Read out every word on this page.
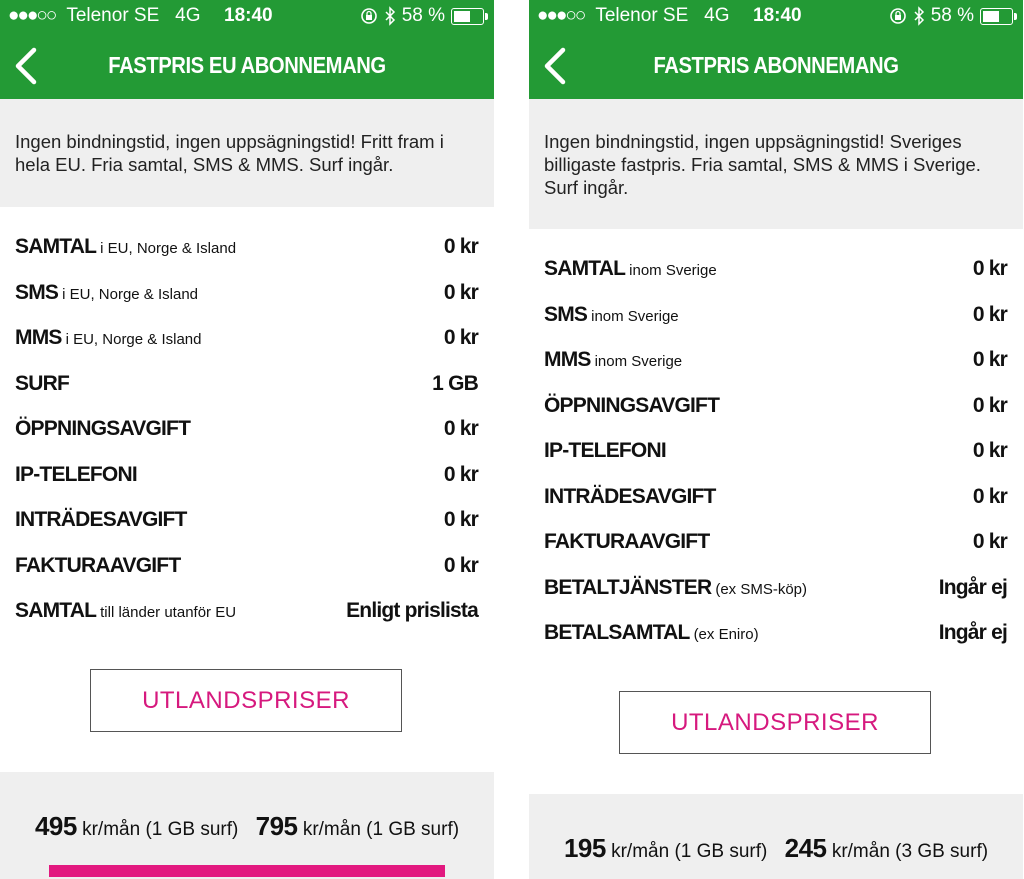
●●●○○ Telenor SE 4G 18:40	58 %
FASTPRIS EU ABONNEMANG

Ingen bindningstid, ingen uppsägningstid! Fritt fram i hela EU. Fria samtal, SMS & MMS. Surf ingår.

SAMTAL i EU, Norge & Island	0 kr
SMS i EU, Norge & Island	0 kr
MMS i EU, Norge & Island	0 kr
SURF	1 GB
ÖPPNINGSAVGIFT	0 kr
IP-TELEFONI	0 kr
INTRÄDESAVGIFT	0 kr
FAKTURAAVGIFT	0 kr
SAMTAL till länder utanför EU	Enligt prislista
UTLANDSPRISER
495 kr/mån (1 GB surf) 795 kr/mån (1 GB surf)
●●●○○ Telenor SE 4G 18:40	58 %
FASTPRIS ABONNEMANG

Ingen bindningstid, ingen uppsägningstid! Sveriges billigaste fastpris. Fria samtal, SMS & MMS i Sverige. Surf ingår.

SAMTAL inom Sverige	0 kr
SMS inom Sverige	0 kr
MMS inom Sverige	0 kr
ÖPPNINGSAVGIFT	0 kr
IP-TELEFONI	0 kr
INTRÄDESAVGIFT	0 kr
FAKTURAAVGIFT	0 kr
BETALTJÄNSTER (ex SMS-köp)	Ingår ej
BETALSAMTAL (ex Eniro)	Ingår ej
UTLANDSPRISER
195 kr/mån (1 GB surf) 245 kr/mån (3 GB surf)
